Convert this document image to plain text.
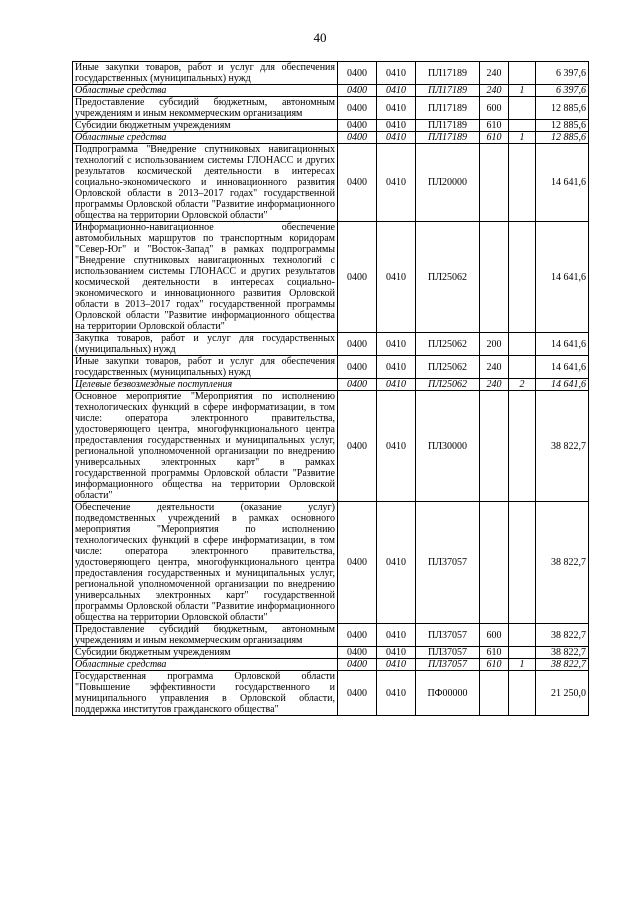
40
Иные закупки товаров, работ и услуг для обеспечения государственных (муниципальных) нужд	0400	0410	ПЛ17189	240		6 397,6
Областные средства	0400	0410	ПЛ17189	240	1	6 397,6
Предоставление субсидий бюджетным, автономным учреждениям и иным некоммерческим организациям	0400	0410	ПЛ17189	600		12 885,6
Субсидии бюджетным учреждениям	0400	0410	ПЛ17189	610		12 885,6
Областные средства	0400	0410	ПЛ17189	610	1	12 885,6
Подпрограмма "Внедрение спутниковых навигационных технологий с использованием системы ГЛОНАСС и других результатов космической деятельности в интересах социально-экономического и инновационного развития Орловской области в 2013–2017 годах" государственной программы Орловской области "Развитие информационного общества на территории Орловской области"	0400	0410	ПЛ20000			14 641,6
Информационно-навигационное обеспечение автомобильных маршрутов по транспортным коридорам "Север-Юг" и "Восток-Запад" в рамках подпрограммы "Внедрение спутниковых навигационных технологий с использованием системы ГЛОНАСС и других результатов космической деятельности в интересах социально-экономического и инновационного развития Орловской области в 2013–2017 годах" государственной программы Орловской области "Развитие информационного общества на территории Орловской области"	0400	0410	ПЛ25062			14 641,6
Закупка товаров, работ и услуг для государственных (муниципальных) нужд	0400	0410	ПЛ25062	200		14 641,6
Иные закупки товаров, работ и услуг для обеспечения государственных (муниципальных) нужд	0400	0410	ПЛ25062	240		14 641,6
Целевые безвозмездные поступления	0400	0410	ПЛ25062	240	2	14 641,6
Основное мероприятие "Мероприятия по исполнению технологических функций в сфере информатизации, в том числе: оператора электронного правительства, удостоверяющего центра, многофункционального центра предоставления государственных и муниципальных услуг, региональной уполномоченной организации по внедрению универсальных электронных карт" в рамках государственной программы Орловской области "Развитие информационного общества на территории Орловской области"	0400	0410	ПЛ30000			38 822,7
Обеспечение деятельности (оказание услуг) подведомственных учреждений в рамках основного мероприятия "Мероприятия по исполнению технологических функций в сфере информатизации, в том числе: оператора электронного правительства, удостоверяющего центра, многофункционального центра предоставления государственных и муниципальных услуг, региональной уполномоченной организации по внедрению универсальных электронных карт" государственной программы Орловской области "Развитие информационного общества на территории Орловской области"	0400	0410	ПЛ37057			38 822,7
Предоставление субсидий бюджетным, автономным учреждениям и иным некоммерческим организациям	0400	0410	ПЛ37057	600		38 822,7
Субсидии бюджетным учреждениям	0400	0410	ПЛ37057	610		38 822,7
Областные средства	0400	0410	ПЛ37057	610	1	38 822,7
Государственная программа Орловской области "Повышение эффективности государственного и муниципального управления в Орловской области, поддержка институтов гражданского общества"	0400	0410	ПФ00000			21 250,0
